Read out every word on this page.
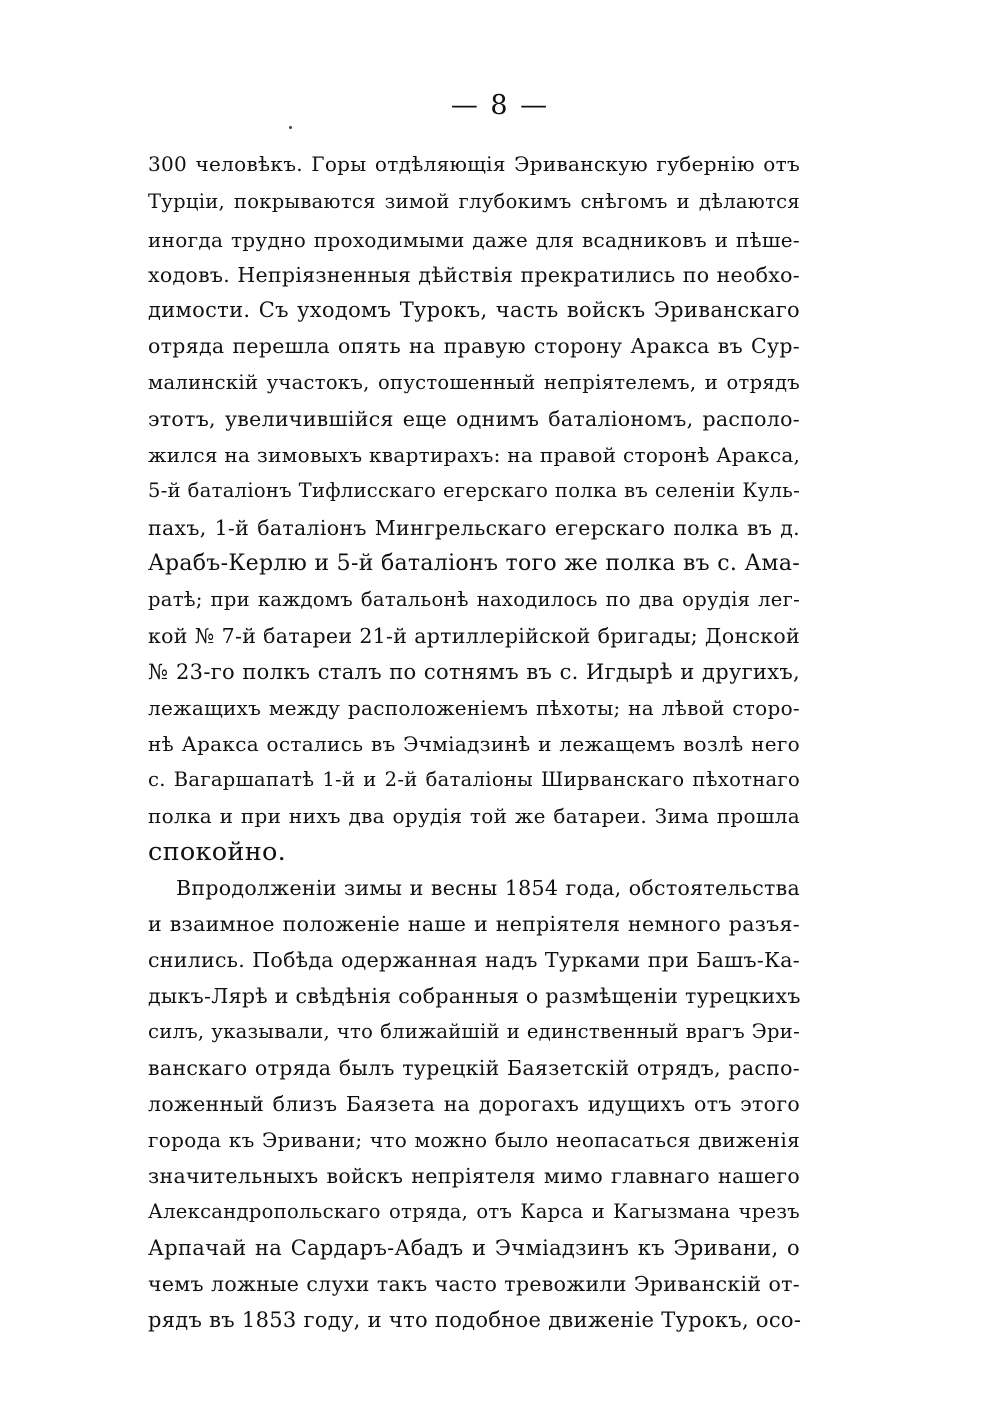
— 8 —
300 человѣкъ. Горы отдѣляющія Эриванскую губернію отъ
Турціи, покрываются зимой глубокимъ снѣгомъ и дѣлаются
иногда трудно проходимыми даже для всадниковъ и пѣше-
ходовъ. Непріязненныя дѣйствія прекратились по необхо-
димости. Съ уходомъ Турокъ, часть войскъ Эриванскаго
отряда перешла опять на правую сторону Аракса въ Сур-
малинскій участокъ, опустошенный непріятелемъ, и отрядъ
этотъ, увеличившійся еще однимъ баталіономъ, располо-
жился на зимовыхъ квартирахъ: на правой сторонѣ Аракса,
5-й баталіонъ Тифлисскаго егерскаго полка въ селеніи Куль-
пахъ, 1-й баталіонъ Мингрельскаго егерскаго полка въ д.
Арабъ-Керлю и 5-й баталіонъ того же полка въ с. Ама-
ратѣ; при каждомъ батальонѣ находилось по два орудія лег-
кой № 7-й батареи 21-й артиллерійской бригады; Донской
№ 23-го полкъ сталъ по сотнямъ въ с. Игдырѣ и другихъ,
лежащихъ между расположеніемъ пѣхоты; на лѣвой сторо-
нѣ Аракса остались въ Эчміадзинѣ и лежащемъ возлѣ него
с. Вагаршапатѣ 1-й и 2-й баталіоны Ширванскаго пѣхотнаго
полка и при нихъ два орудія той же батареи. Зима прошла
спокойно.
Впродолженіи зимы и весны 1854 года, обстоятельства
и взаимное положеніе наше и непріятеля немного разъя-
снились. Побѣда одержанная надъ Турками при Башъ-Ка-
дыкъ-Лярѣ и свѣдѣнія собранныя о размѣщеніи турецкихъ
силъ, указывали, что ближайшій и единственный врагъ Эри-
ванскаго отряда былъ турецкій Баязетскій отрядъ, распо-
ложенный близъ Баязета на дорогахъ идущихъ отъ этого
города къ Эривани; что можно было неопасаться движенія
значительныхъ войскъ непріятеля мимо главнаго нашего
Александропольскаго отряда, отъ Карса и Кагызмана чрезъ
Арпачай на Сардаръ-Абадъ и Эчміадзинъ къ Эривани, о
чемъ ложные слухи такъ часто тревожили Эриванскій от-
рядъ въ 1853 году, и что подобное движеніе Турокъ, осо-
